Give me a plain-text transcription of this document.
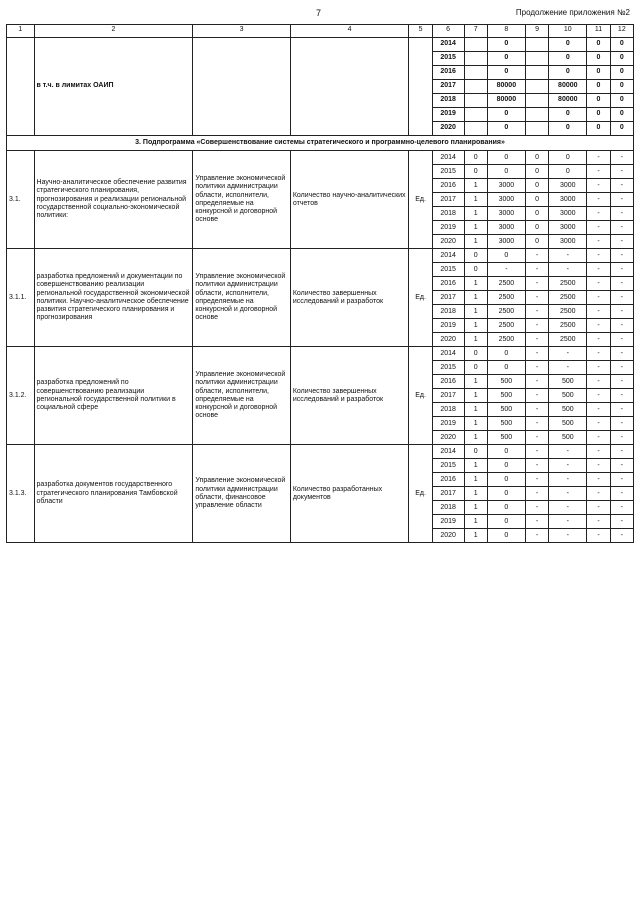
7	Продолжение приложения №2
1	2	3	4	5	6	7	8	9	10	11	12
	в т.ч. в лимитах ОАИП				2014		0		0	0	0
					2015		0		0	0	0
					2016		0		0	0	0
					2017		80000		80000	0	0
					2018		80000		80000	0	0
					2019		0		0	0	0
					2020		0		0	0	0
3. Подпрограмма «Совершенствование системы стратегического и программно-целевого планирования»											
3.1.	Научно-аналитическое обеспечение развития стратегического планирования, прогнозирования и реализации региональной государственной социально-экономической политики:	Управление экономической политики администрации области, исполнители, определяемые на конкурсной и договорной основе	Количество научно-аналитических отчетов	Ед.	2014	0	0	0	0	-	-
					2015	0	0	0	0	-	-
					2016	1	3000	0	3000	-	-
					2017	1	3000	0	3000	-	-
					2018	1	3000	0	3000	-	-
					2019	1	3000	0	3000	-	-
					2020	1	3000	0	3000	-	-
3.1.1.	разработка предложений и документации по совершенствованию реализации региональной государственной экономической политики. Научно-аналитическое обеспечение развития стратегического планирования и прогнозирования	Управление экономической политики администрации области, исполнители, определяемые на конкурсной и договорной основе	Количество завершенных исследований и разработок	Ед.	2014	0	0	-	-	-	-
					2015	0	-	-	-	-	-
					2016	1	2500	-	2500	-	-
					2017	1	2500	-	2500	-	-
					2018	1	2500	-	2500	-	-
					2019	1	2500	-	2500	-	-
					2020	1	2500	-	2500	-	-
3.1.2.	разработка предложений по совершенствованию реализации региональной государственной политики в социальной сфере	Управление экономической политики администрации области, исполнители, определяемые на конкурсной и договорной основе	Количество завершенных исследований и разработок	Ед.	2014	0	0	-	-	-	-
					2015	0	0	-	-	-	-
					2016	1	500	-	500	-	-
					2017	1	500	-	500	-	-
					2018	1	500	-	500	-	-
					2019	1	500	-	500	-	-
					2020	1	500	-	500	-	-
3.1.3.	разработка документов государственного стратегического планирования Тамбовской области	Управление экономической политики администрации области, финансовое управление области	Количество разработанных документов	Ед.	2014	0	0	-	-	-	-
					2015	1	0	-	-	-	-
					2016	1	0	-	-	-	-
					2017	1	0	-	-	-	-
					2018	1	0	-	-	-	-
					2019	1	0	-	-	-	-
					2020	1	0	-	-	-	-
